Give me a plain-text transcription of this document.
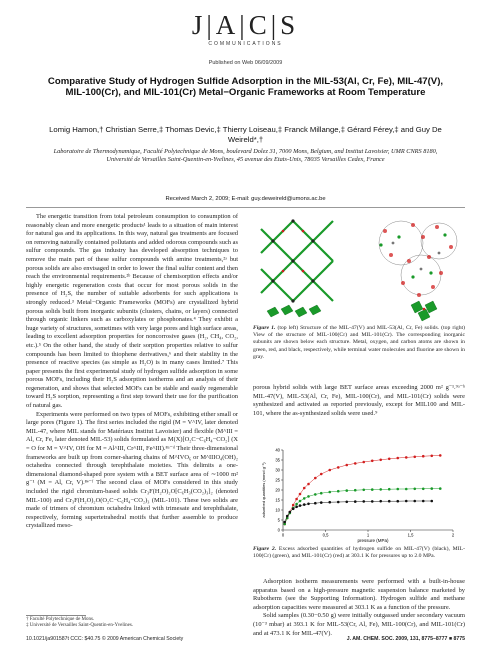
J|A|C|S
COMMUNICATIONS
Published on Web 06/09/2009
Comparative Study of Hydrogen Sulfide Adsorption in the MIL-53(Al, Cr, Fe), MIL-47(V), MIL-100(Cr), and MIL-101(Cr) Metal−Organic Frameworks at Room Temperature
Lomig Hamon,† Christian Serre,‡ Thomas Devic,‡ Thierry Loiseau,‡ Franck Millange,‡ Gérard Férey,‡ and Guy De Weireld*,†
Laboratoire de Thermodynamique, Faculté Polytechnique de Mons, boulevard Dolez 31, 7000 Mons, Belgium, and Institut Lavoisier, UMR CNRS 8180, Université de Versailles Saint-Quentin-en-Yvelines, 45 avenue des Etats-Unis, 78035 Versailles Cedex, France
Received March 2, 2009; E-mail: guy.deweireld@umons.ac.be

The energetic transition from total petroleum consumption to consumption of reasonably clean and more energetic products¹ leads to a situation of main interest for natural gas and its applications. In this way, natural gas treatments are focused on removing naturally contained pollutants and added odorous compounds such as sulfur compounds. The gas industry has developed absorption techniques to remove the main part of these sulfur compounds with amine treatments,²ᵃ but porous solids are also envisaged in order to lower the final sulfur content and then reach the environmental requirements.²ᵇ Because of chemisorption effects and/or highly energetic regeneration costs that occur for most porous solids in the presence of H₂S, the number of suitable adsorbents for such applications is strongly reduced.³ Metal−Organic Frameworks (MOFs) are crystallized hybrid porous solids built from inorganic subunits (clusters, chains, or layers) connected through organic linkers such as carboxylates or phosphonates.⁴ They exhibit a huge variety of structures, sometimes with very large pores and high surface areas, leading to excellent adsorption properties for noncorrosive gases (H₂, CH₄, CO₂, etc.).⁵ On the other hand, the study of their sorption properties relative to sulfur compounds has been limited to thiophene derivatives,⁶ and their stability in the presence of reactive species (as simple as H₂O) is in many cases limited.⁷ This paper presents the first experimental study of hydrogen sulfide adsorption in some porous MOFs, including their H₂S adsorption isotherms and an analysis of their regeneration, and shows that selected MOFs can be stable and easily regenerable toward H₂S sorption, representing a first step toward their use for the purification of natural gas.

Experiments were performed on two types of MOFs, exhibiting either small or large pores (Figure 1). The first series included the rigid (M = V^IV, later denoted MIL-47, where MIL stands for Matériaux Institut Lavoisier) and flexible (M^III = Al, Cr, Fe, later denoted MIL-53) solids formulated as M(X)[O₂C−C₆H₄−CO₂] (X = O for M = V^IV, OH for M = Al^III, Cr^III, Fe^III).⁸ᵃ⁻ᵈ Their three-dimensional frameworks are built up from corner-sharing chains of M^IVO₆ or M^IIIO₄(OH)₂ octahedra connected through terephthalate moieties. This delimits a one-dimensional diamond-shaped pore system with a BET surface area of ∼1000 m² g⁻¹ (M = Al, Cr, V).⁸ᵉ⁻ᶠ The second class of MOFs considered in this study included the rigid chromium-based solids Cr₃F(H₂O)₂O[C₆H₃(CO₂)₃]₂ (denoted MIL-100) and Cr₃F(H₂O)₂O(O₂C−C₆H₄−CO₂)₃ (MIL-101). These two solids are made of trimers of chromium octahedra linked with trimesate and terephthalate, respectively, forming supertetrahedral motifs that further assemble to produce crystallized meso-

Figure 1. (top left) Structure of the MIL-47(V) and MIL-53(Al, Cr, Fe) solids. (top right) View of the structure of MIL-100(Cr) and MIL-101(Cr). The corresponding inorganic subunits are shown below each structure. Metal, oxygen, and carbon atoms are shown in green, red, and black, respectively, while terminal water molecules and fluorine are shown in gray.
porous hybrid solids with large BET surface areas exceeding 2000 m² g⁻¹.⁹ᵃ⁻ᵇ MIL-47(V), MIL-53(Al, Cr, Fe), MIL-100(Cr), and MIL-101(Cr) solids were synthesized and activated as reported previously, except for MIL100 and MIL-101, where the as-synthesized solids were used.⁹
0	0,5	1	1,5	2
0
5
10
15
20
25
30
35
40
pressure (MPa)
adsorbed quantities (mmol g⁻¹)
Figure 2. Excess adsorbed quantities of hydrogen sulfide on MIL-47(V) (black), MIL-100(Cr) (green), and MIL-101(Cr) (red) at 303.1 K for pressures up to 2.0 MPa.

Adsorption isotherm measurements were performed with a built-in-house apparatus based on a high-pressure magnetic suspension balance marketed by Rubotherm (see the Supporting Information). Hydrogen sulfide and methane adsorption capacities were measured at 303.1 K as a function of the pressure.

Solid samples (0.30−0.50 g) were initially outgassed under secondary vacuum (10⁻³ mbar) at 393.1 K for MIL-53(Cr, Al, Fe), MIL-100(Cr), and MIL-101(Cr) and at 473.1 K for MIL-47(V).

† Faculté Polytechnique de Mons.
‡ Université de Versailles Saint-Quentin-en-Yvelines.
10.1021/ja901587t CCC: $40.75 © 2009 American Chemical Society	J. AM. CHEM. SOC. 2009, 131, 8775–8777 ■ 8775
